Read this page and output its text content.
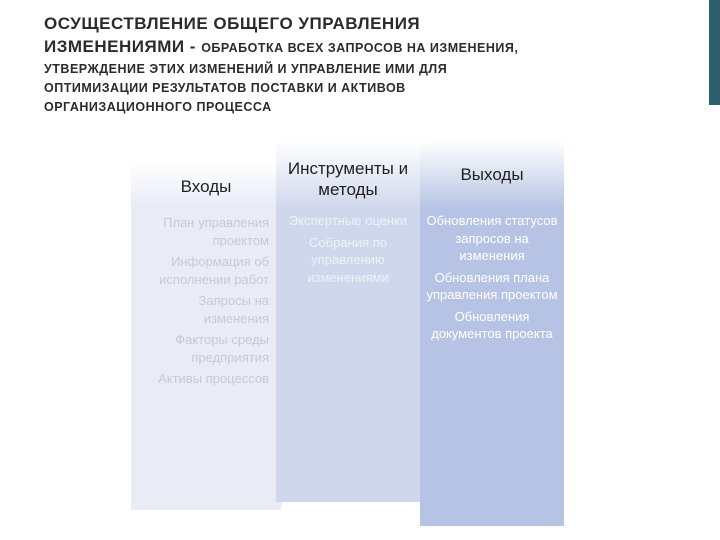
ОСУЩЕСТВЛЕНИЕ ОБЩЕГО УПРАВЛЕНИЯ
ИЗМЕНЕНИЯМИ - ОБРАБОТКА ВСЕХ ЗАПРОСОВ НА ИЗМЕНЕНИЯ,
УТВЕРЖДЕНИЕ ЭТИХ ИЗМЕНЕНИЙ И УПРАВЛЕНИЕ ИМИ ДЛЯ
ОПТИМИЗАЦИИ РЕЗУЛЬТАТОВ ПОСТАВКИ И АКТИВОВ
ОРГАНИЗАЦИОННОГО ПРОЦЕССА
Входы
План управления проектом
Информация об исполнении работ
Запросы на изменения
Факторы среды предприятия
Активы процессов
Инструменты и методы
Экспертные оценки
Собрания по управлению изменениями
Выходы
Обновления статусов запросов на изменения
Обновления плана управления проектом
Обновления документов проекта
